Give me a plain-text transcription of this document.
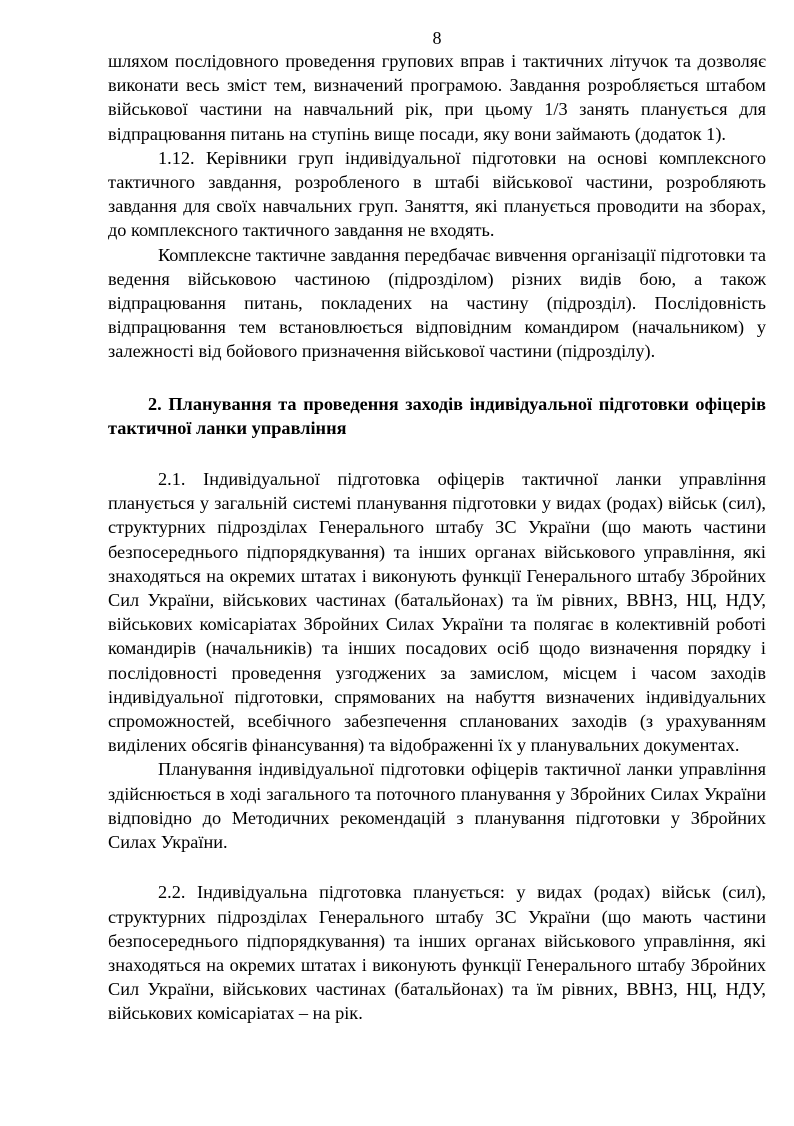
8

шляхом послідовного проведення групових вправ і тактичних літучок та дозволяє виконати весь зміст тем, визначений програмою. Завдання розробляється штабом військової частини на навчальний рік, при цьому 1/3 занять планується для відпрацювання питань на ступінь вище посади, яку вони займають (додаток 1).

1.12. Керівники груп індивідуальної підготовки на основі комплексного тактичного завдання, розробленого в штабі військової частини, розробляють завдання для своїх навчальних груп. Заняття, які планується проводити на зборах, до комплексного тактичного завдання не входять.

Комплексне тактичне завдання передбачає вивчення організації підготовки та ведення військовою частиною (підрозділом) різних видів бою, а також відпрацювання питань, покладених на частину (підрозділ). Послідовність відпрацювання тем встановлюється відповідним командиром (начальником) у залежності від бойового призначення військової частини (підрозділу).

2. Планування та проведення заходів індивідуальної підготовки офіцерів тактичної ланки управління

2.1. Індивідуальної підготовка офіцерів тактичної ланки управління планується у загальній системі планування підготовки у видах (родах) військ (сил), структурних підрозділах Генерального штабу ЗС України (що мають частини безпосереднього підпорядкування) та інших органах військового управління, які знаходяться на окремих штатах і виконують функції Генерального штабу Збройних Сил України, військових частинах (батальйонах) та їм рівних, ВВНЗ, НЦ, НДУ, військових комісаріатах Збройних Силах України та полягає в колективній роботі командирів (начальників) та інших посадових осіб щодо визначення порядку і послідовності проведення узгоджених за замислом, місцем і часом заходів індивідуальної підготовки, спрямованих на набуття визначених індивідуальних спроможностей, всебічного забезпечення спланованих заходів (з урахуванням виділених обсягів фінансування) та відображенні їх у планувальних документах.

Планування індивідуальної підготовки офіцерів тактичної ланки управління здійснюється в ході загального та поточного планування у Збройних Силах України відповідно до Методичних рекомендацій з планування підготовки у Збройних Силах України.

2.2. Індивідуальна підготовка планується: у видах (родах) військ (сил), структурних підрозділах Генерального штабу ЗС України (що мають частини безпосереднього підпорядкування) та інших органах військового управління, які знаходяться на окремих штатах і виконують функції Генерального штабу Збройних Сил України, військових частинах (батальйонах) та їм рівних, ВВНЗ, НЦ, НДУ, військових комісаріатах – на рік.
